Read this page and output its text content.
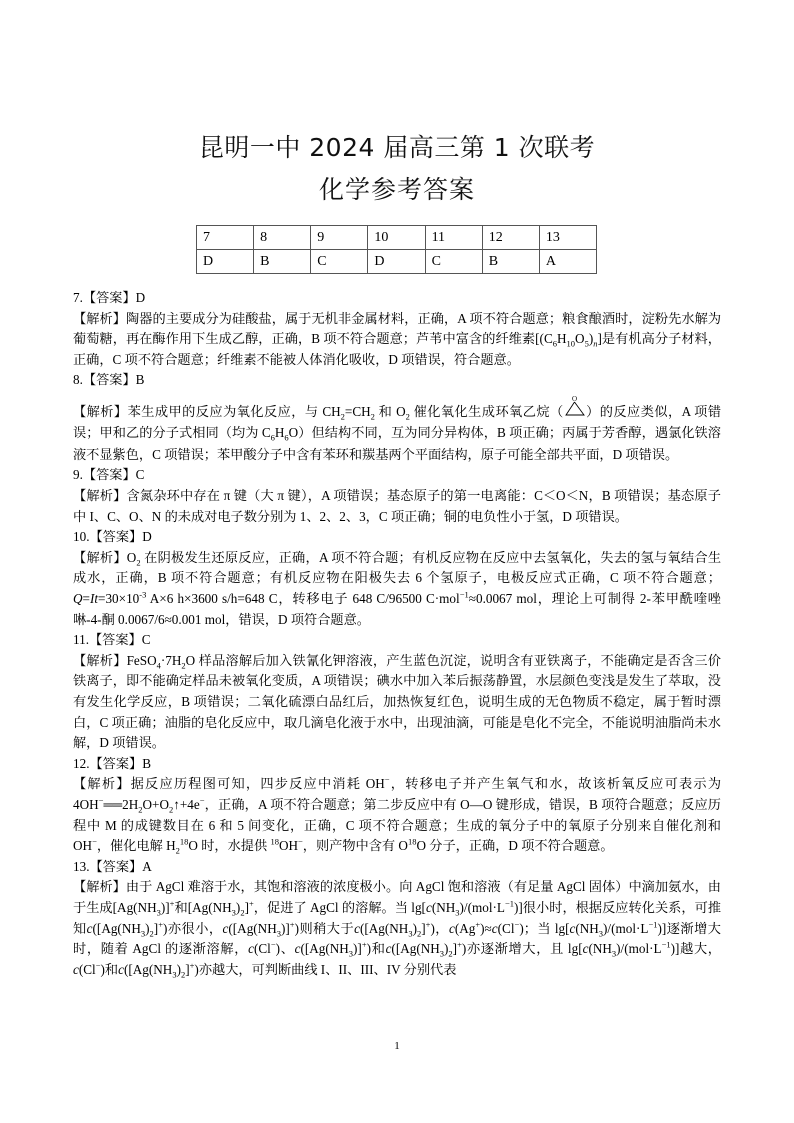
昆明一中 2024 届高三第 1 次联考
化学参考答案
7	8	9	10	11	12	13
D	B	C	D	C	B	A
7.【答案】D

【解析】陶器的主要成分为硅酸盐，属于无机非金属材料，正确，A 项不符合题意；粮食酿酒时，淀粉先水解为葡萄糖，再在酶作用下生成乙醇，正确，B 项不符合题意；芦苇中富含的纤维素$[(C_6H_{10}O_5)_n]$是有机高分子材料，正确，C 项不符合题意；纤维素不能被人体消化吸收，D 项错误，符合题意。

8.【答案】B

【解析】苯生成甲的反应为氧化反应，与 $CH_2=CH_2$ 和 $O_2$ 催化氧化生成环氧乙烷（
O
）的反应类似，A 项错误；甲和乙的分子式相同（均为 $C_6H_6O$）但结构不同，互为同分异构体，B 项正确；丙属于芳香醇，遇氯化铁溶液不显紫色，C 项错误；苯甲酸分子中含有苯环和羰基两个平面结构，原子可能全部共平面，D 项错误。

9.【答案】C

【解析】含氮杂环中存在 π 键（大 π 键），A 项错误；基态原子的第一电离能：C＜O＜N，B 项错误；基态原子中 I、C、O、N 的未成对电子数分别为 1、2、2、3，C 项正确；铜的电负性小于氢，D 项错误。

10.【答案】D

【解析】$O_2$ 在阴极发生还原反应，正确，A 项不符合题；有机反应物在反应中去氢氧化，失去的氢与氧结合生成水，正确，B 项不符合题意；有机反应物在阳极失去 6 个氢原子，电极反应式正确，C 项不符合题意；$Q=It=30\times 10^{-3}$ A×6 h×3600 s/h=648 C，转移电子 648 C/96500 C·mol$^{-1}$≈0.0067 mol，理论上可制得 2-苯甲酰喹唑啉-4-酮 0.0067/6≈0.001 mol，错误，D 项符合题意。

11.【答案】C

【解析】$FeSO_4\cdot 7H_2O$ 样品溶解后加入铁氰化钾溶液，产生蓝色沉淀，说明含有亚铁离子，不能确定是否含三价铁离子，即不能确定样品未被氧化变质，A 项错误；碘水中加入苯后振荡静置，水层颜色变浅是发生了萃取，没有发生化学反应，B 项错误；二氧化硫漂白品红后，加热恢复红色，说明生成的无色物质不稳定，属于暂时漂白，C 项正确；油脂的皂化反应中，取几滴皂化液于水中，出现油滴，可能是皂化不完全，不能说明油脂尚未水解，D 项错误。

12.【答案】B

【解析】据反应历程图可知，四步反应中消耗 OH−，转移电子并产生氧气和水，故该析氧反应可表示为 $4OH^-══2H_2O+O_2↑+4e^-$，正确，A 项不符合题意；第二步反应中有 O—O 键形成，错误，B 项符合题意；反应历程中 M 的成键数目在 6 和 5 间变化，正确，C 项不符合题意；生成的氧分子中的氧原子分别来自催化剂和 OH−，催化电解 $H_2^{18}O$ 时，水提供 $^{18}$OH−，则产物中含有 $O^{18}O$ 分子，正确，D 项不符合题意。

13.【答案】A

【解析】由于 AgCl 难溶于水，其饱和溶液的浓度极小。向 AgCl 饱和溶液（有足量 AgCl 固体）中滴加氨水，由于生成$[Ag(NH_3)]^+$和$[Ag(NH_3)_2]^+$，促进了 AgCl 的溶解。当 $\lg[c(NH_3)/(mol\cdot L^{-1})]$很小时，根据反应转化关系，可推知$c([Ag(NH_3)_2]^+)$亦很小，$c([Ag(NH_3)]^+)$则稍大于$c([Ag(NH_3)_2]^+)$，c(Ag+)≈c(Cl−)；当 $\lg[c(NH_3)/(mol\cdot L^{-1})]$逐渐增大时，随着 AgCl 的逐渐溶解，c(Cl−)、$c([Ag(NH_3)]^+)$和$c([Ag(NH_3)_2]^+)$亦逐渐增大，且 $\lg[c(NH_3)/(mol\cdot L^{-1})]$越大，c(Cl−)和$c([Ag(NH_3)_2]^+)$亦越大，可判断曲线 I、II、III、IV 分别代表

1
